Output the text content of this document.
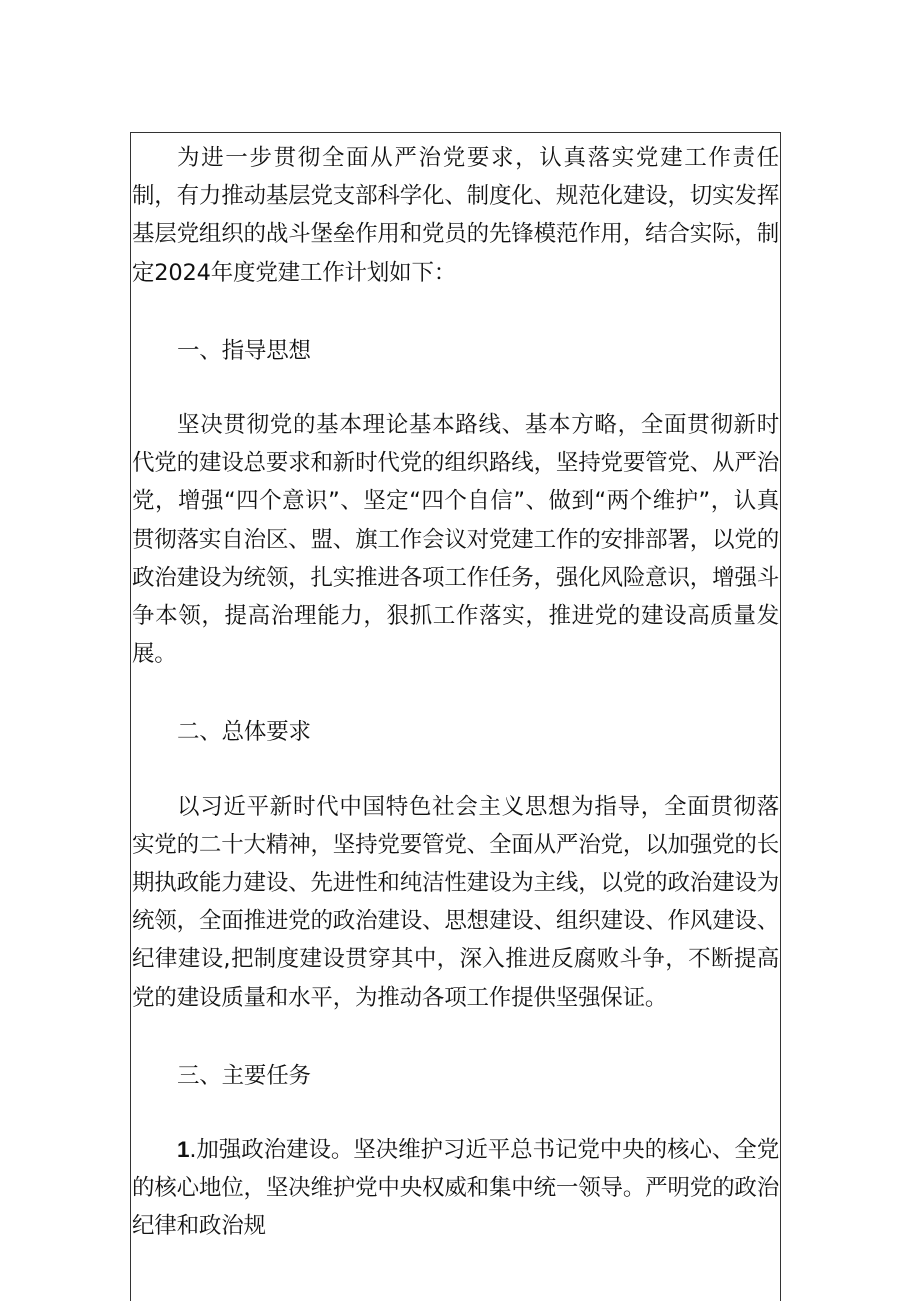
为进一步贯彻全面从严治党要求，认真落实党建工作责任制，有力推动基层党支部科学化、制度化、规范化建设，切实发挥基层党组织的战斗堡垒作用和党员的先锋模范作用，结合实际，制定2024年度党建工作计划如下：

一、指导思想

坚决贯彻党的基本理论基本路线、基本方略，全面贯彻新时代党的建设总要求和新时代党的组织路线，坚持党要管党、从严治党，增强“四个意识”、坚定“四个自信”、做到“两个维护”，认真贯彻落实自治区、盟、旗工作会议对党建工作的安排部署，以党的政治建设为统领，扎实推进各项工作任务，强化风险意识，增强斗争本领，提高治理能力，狠抓工作落实，推进党的建设高质量发展。

二、总体要求

以习近平新时代中国特色社会主义思想为指导，全面贯彻落实党的二十大精神，坚持党要管党、全面从严治党，以加强党的长期执政能力建设、先进性和纯洁性建设为主线，以党的政治建设为统领，全面推进党的政治建设、思想建设、组织建设、作风建设、纪律建设,把制度建设贯穿其中，深入推进反腐败斗争，不断提高党的建设质量和水平，为推动各项工作提供坚强保证。

三、主要任务

1.加强政治建设。坚决维护习近平总书记党中央的核心、全党的核心地位，坚决维护党中央权威和集中统一领导。严明党的政治纪律和政治规
